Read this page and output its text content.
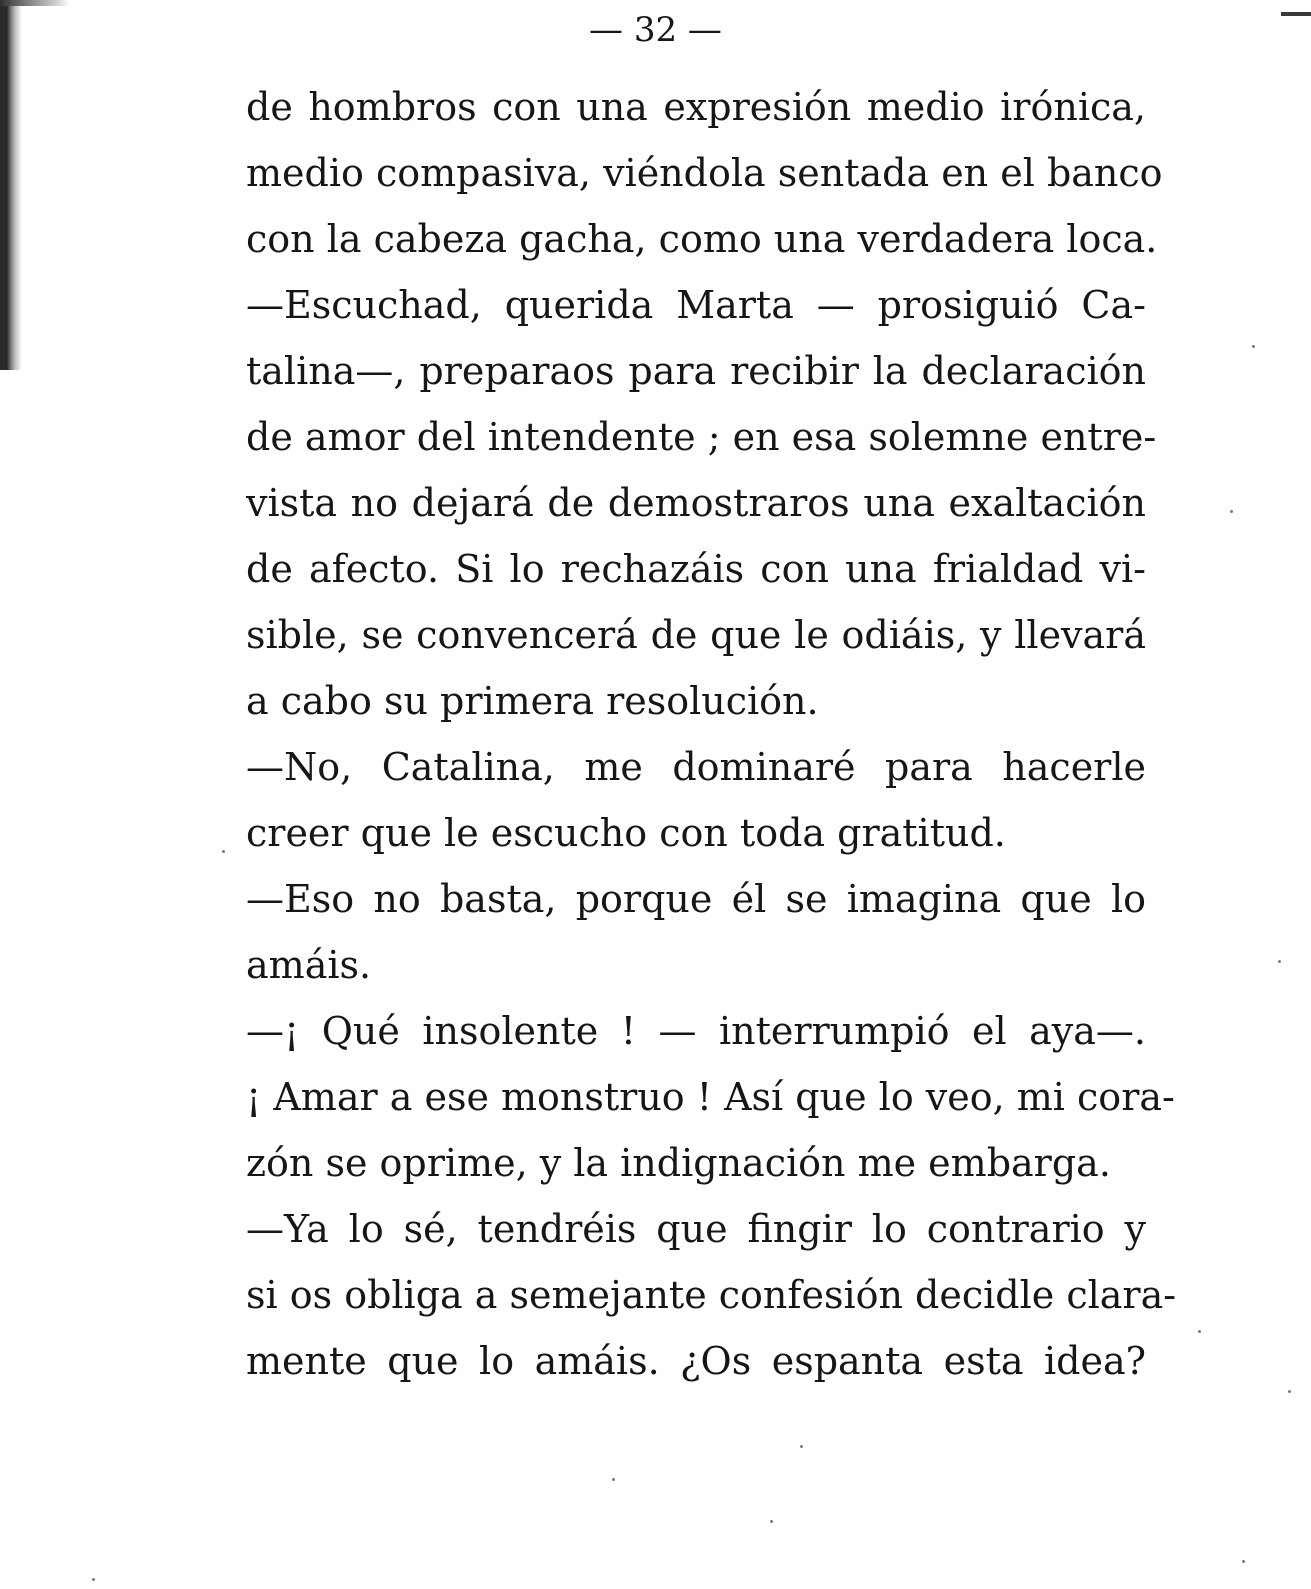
— 32 —
de hombros con una expresión medio irónica,
medio compasiva, viéndola sentada en el banco
con la cabeza gacha, como una verdadera loca.
—Escuchad, querida Marta — prosiguió Ca-
talina—, preparaos para recibir la declaración
de amor del intendente ; en esa solemne entre-
vista no dejará de demostraros una exaltación
de afecto. Si lo rechazáis con una frialdad vi-
sible, se convencerá de que le odiáis, y llevará
a cabo su primera resolución.
—No, Catalina, me dominaré para hacerle
creer que le escucho con toda gratitud.
—Eso no basta, porque él se imagina que lo
amáis.
—¡ Qué insolente ! — interrumpió el aya—.
¡ Amar a ese monstruo ! Así que lo veo, mi cora-
zón se oprime, y la indignación me embarga.
—Ya lo sé, tendréis que fingir lo contrario y
si os obliga a semejante confesión decidle clara-
mente que lo amáis. ¿Os espanta esta idea?
